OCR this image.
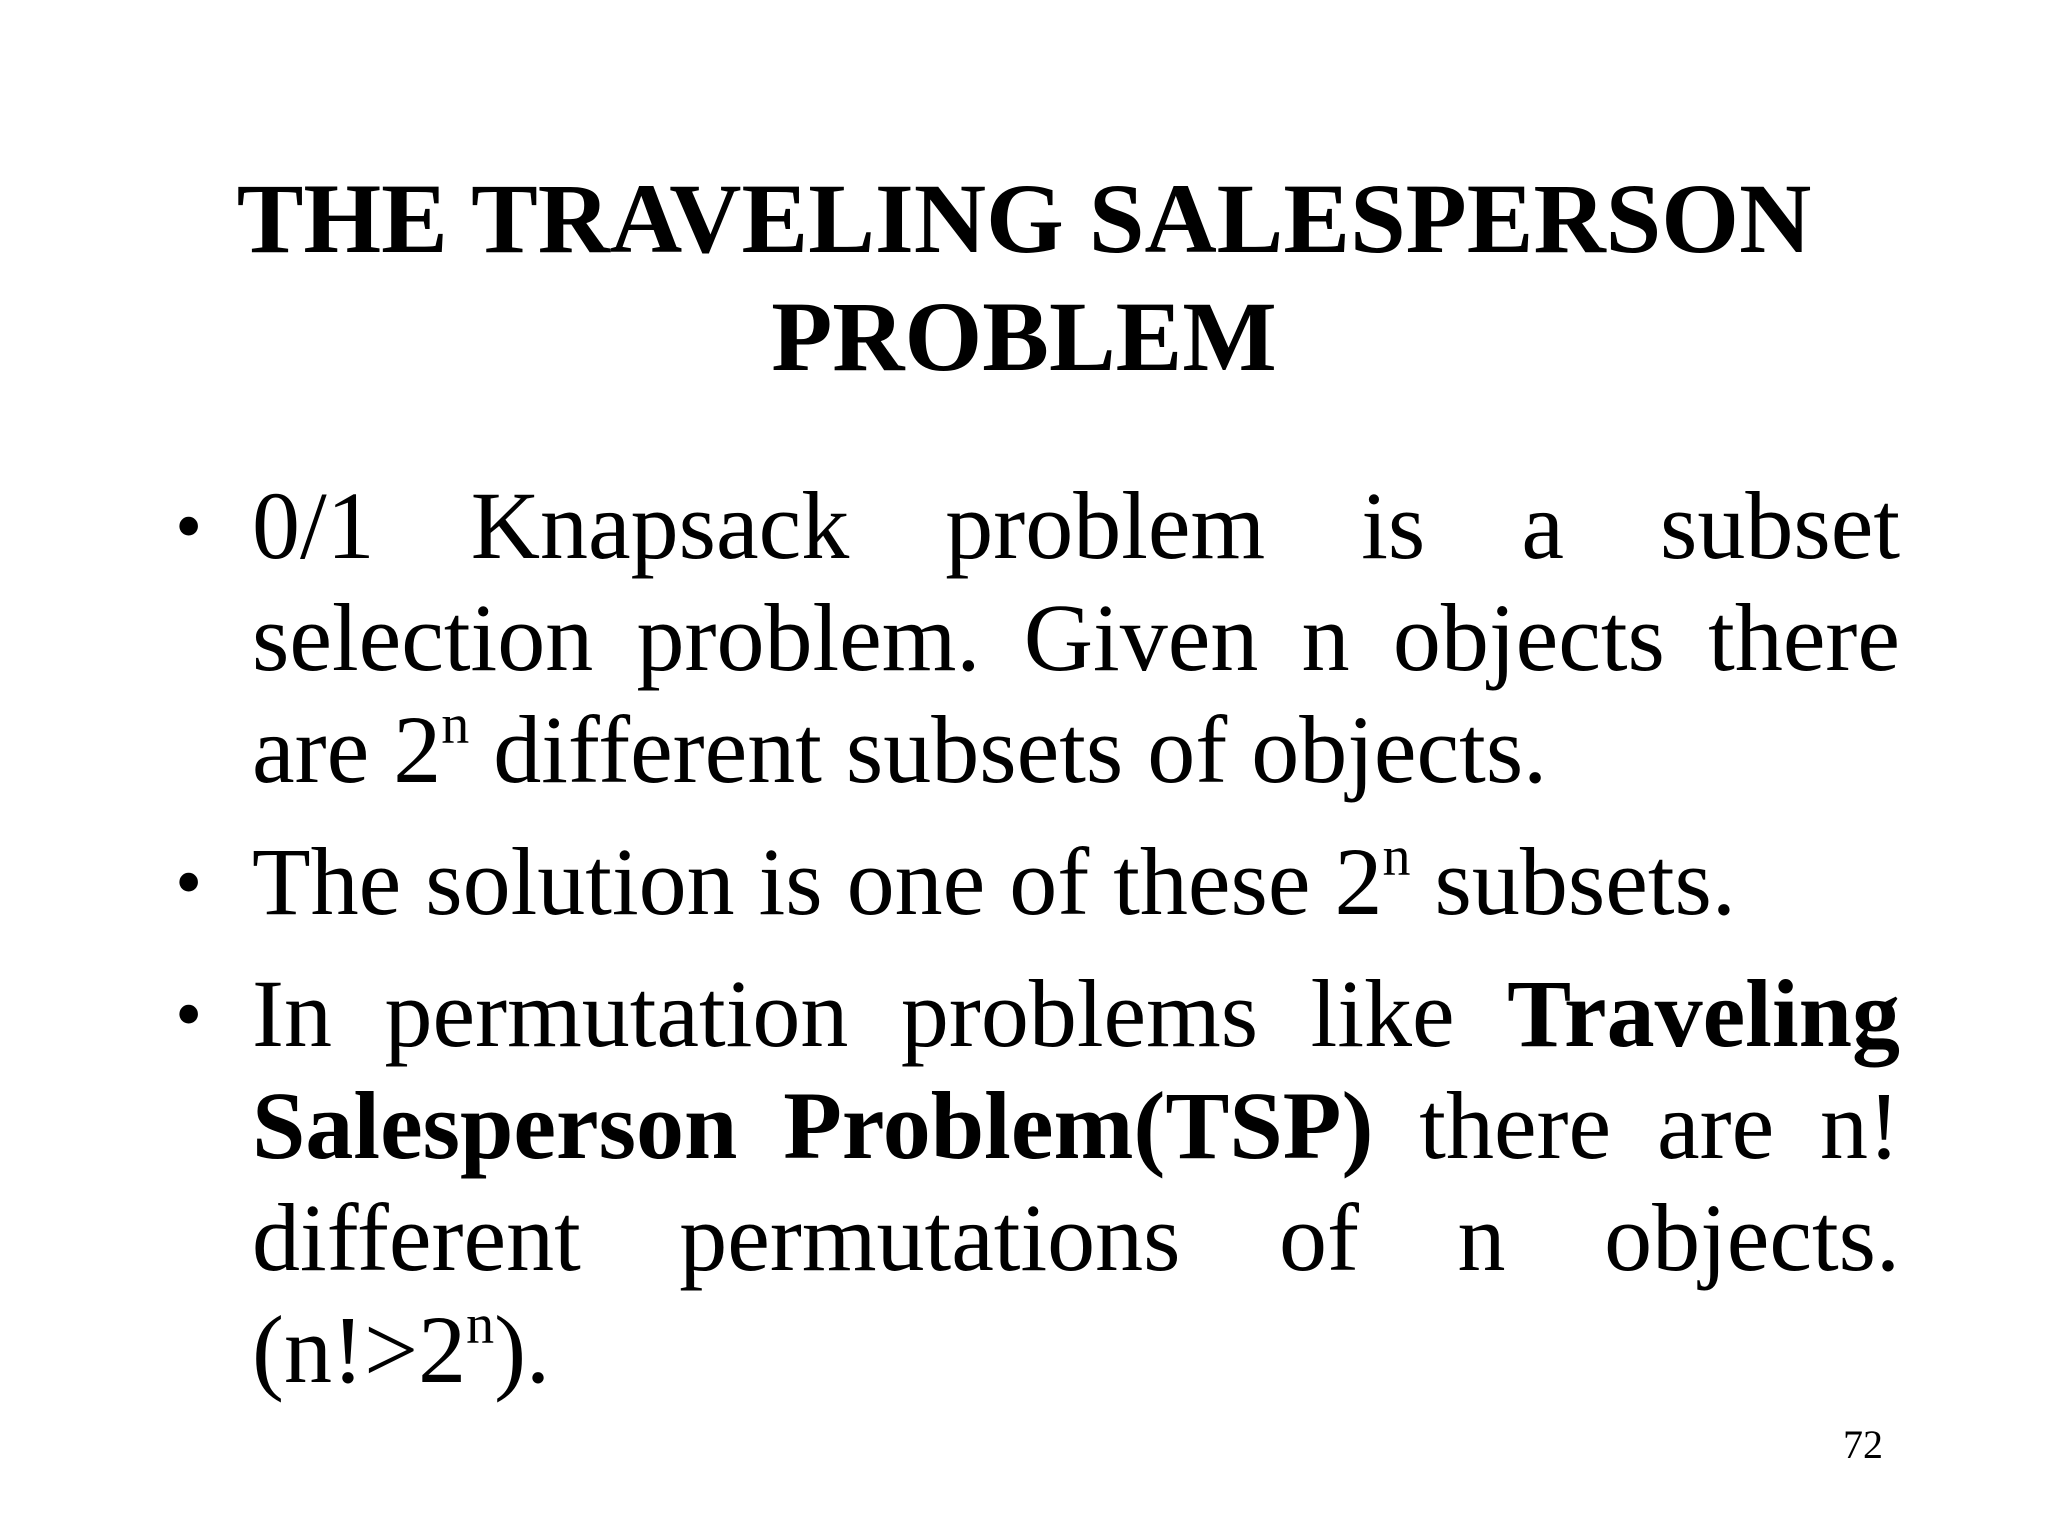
THE TRAVELING SALESPERSON
PROBLEM
• 0/1 Knapsack problem is a subset selection problem. Given n objects there are 2$^n$ different subsets of objects.
• The solution is one of these 2$^n$ subsets.
• In permutation problems like Traveling Salesperson Problem(TSP) there are n! different permutations of n objects. $(n!>2^n)$.
72
